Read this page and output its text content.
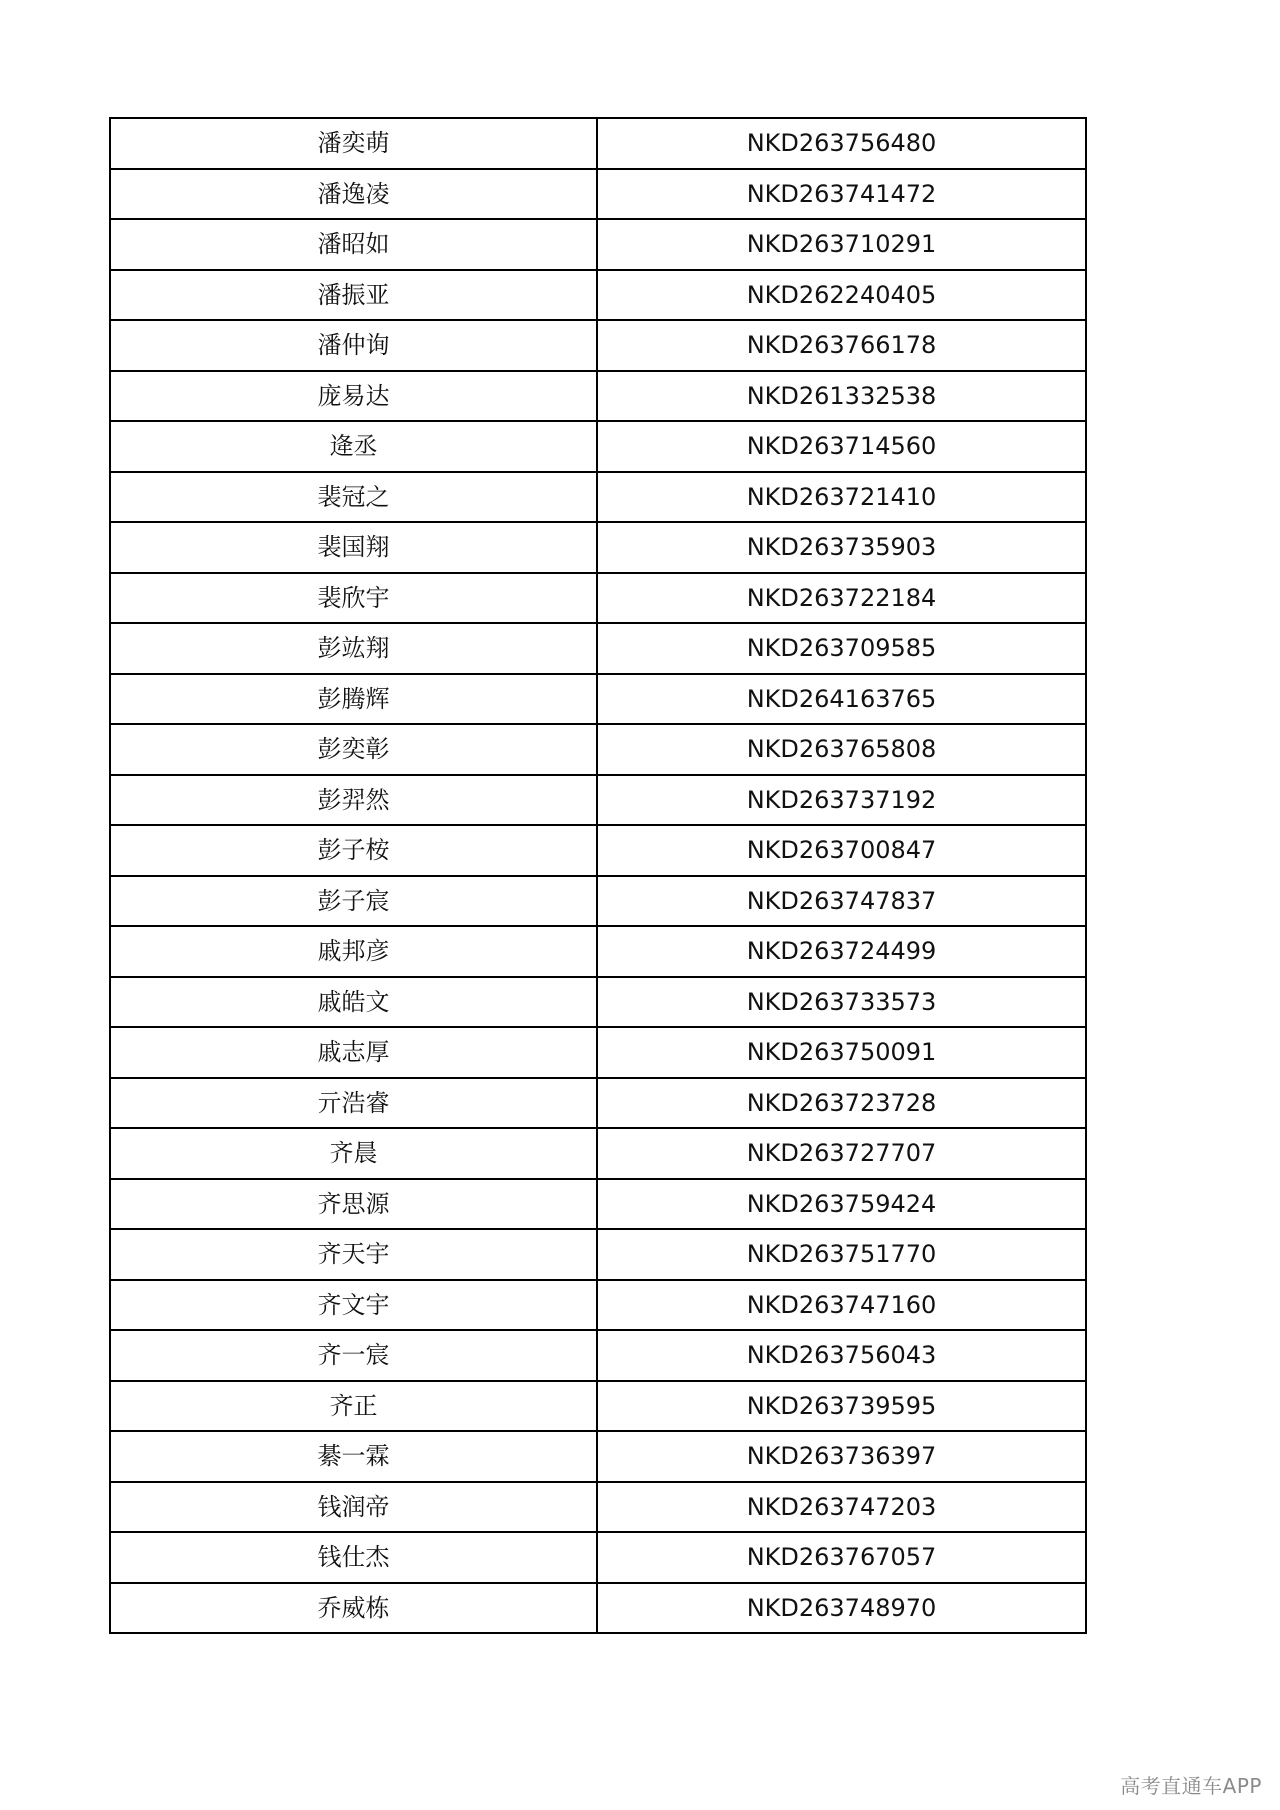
潘奕萌	NKD263756480
潘逸凌	NKD263741472
潘昭如	NKD263710291
潘振亚	NKD262240405
潘仲询	NKD263766178
庞易达	NKD261332538
逄丞	NKD263714560
裴冠之	NKD263721410
裴国翔	NKD263735903
裴欣宇	NKD263722184
彭竑翔	NKD263709585
彭腾辉	NKD264163765
彭奕彰	NKD263765808
彭羿然	NKD263737192
彭子桉	NKD263700847
彭子宸	NKD263747837
戚邦彦	NKD263724499
戚皓文	NKD263733573
戚志厚	NKD263750091
亓浩睿	NKD263723728
齐晨	NKD263727707
齐思源	NKD263759424
齐天宇	NKD263751770
齐文宇	NKD263747160
齐一宸	NKD263756043
齐正	NKD263739595
綦一霖	NKD263736397
钱润帝	NKD263747203
钱仕杰	NKD263767057
乔威栋	NKD263748970
高考直通车APP
